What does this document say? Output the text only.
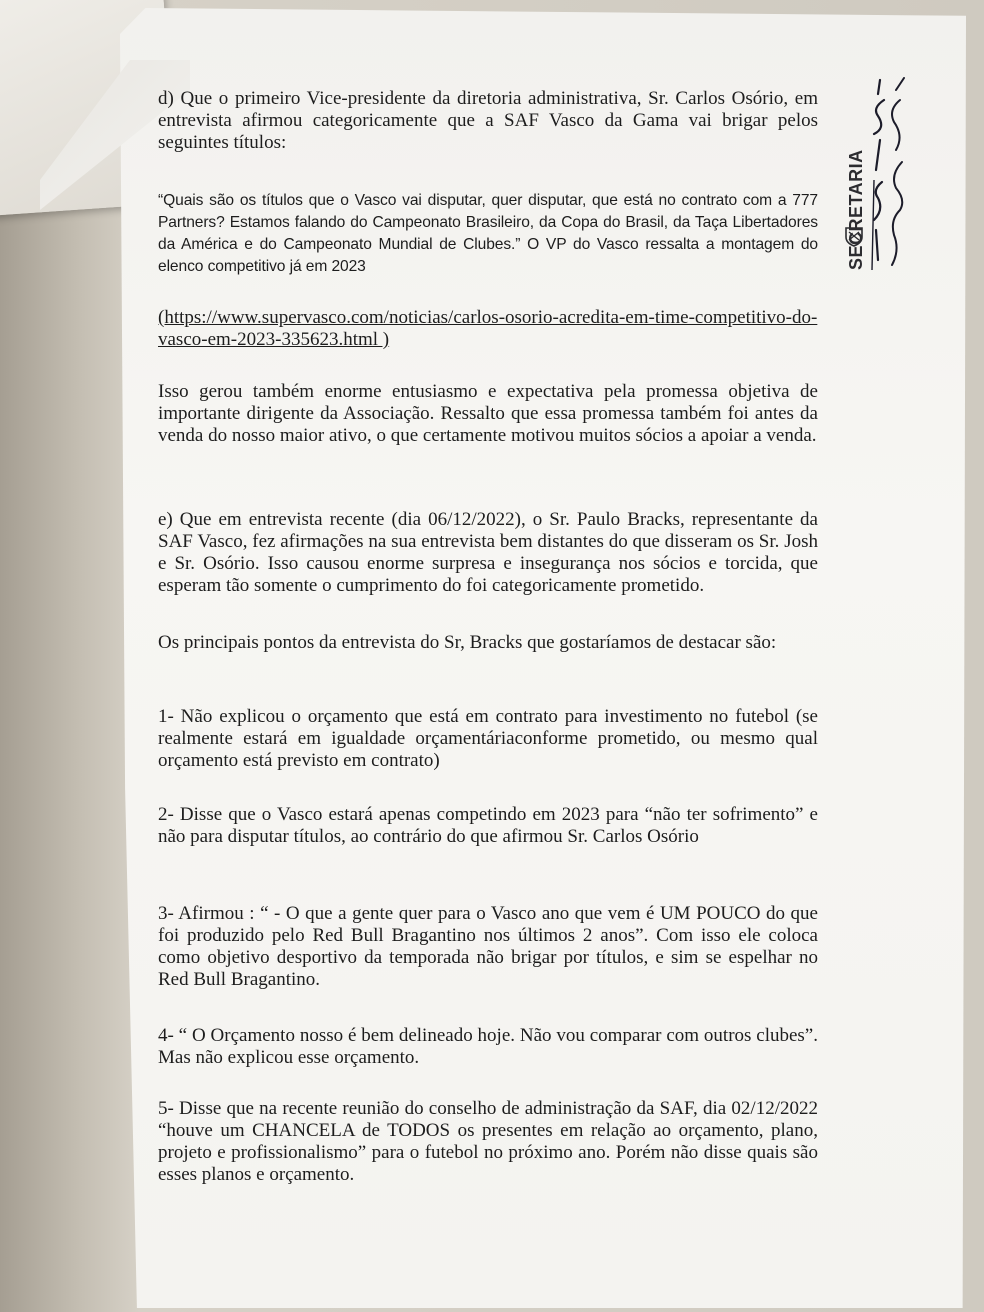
SECRETARIA

d) Que o primeiro Vice-presidente da diretoria administrativa, Sr. Carlos Osório, em entrevista afirmou categoricamente que a SAF Vasco da Gama vai brigar pelos seguintes títulos:

“Quais são os títulos que o Vasco vai disputar, quer disputar, que está no contrato com a 777 Partners? Estamos falando do Campeonato Brasileiro, da Copa do Brasil, da Taça Libertadores da América e do Campeonato Mundial de Clubes.” O VP do Vasco ressalta a montagem do elenco competitivo já em 2023

(https://www.supervasco.com/noticias/carlos-osorio-acredita-em-time-competitivo-do-vasco-em-2023-335623.html )

Isso gerou também enorme entusiasmo e expectativa pela promessa objetiva de importante dirigente da Associação. Ressalto que essa promessa também foi antes da venda do nosso maior ativo, o que certamente motivou muitos sócios a apoiar a venda.

e) Que em entrevista recente (dia 06/12/2022), o Sr. Paulo Bracks, representante da SAF Vasco, fez afirmações na sua entrevista bem distantes do que disseram os Sr. Josh e Sr. Osório. Isso causou enorme surpresa e insegurança nos sócios e torcida, que esperam tão somente o cumprimento do foi categoricamente prometido.

Os principais pontos da entrevista do Sr, Bracks que gostaríamos de destacar são:

1- Não explicou o orçamento que está em contrato para investimento no futebol (se realmente estará em igualdade orçamentáriaconforme prometido, ou mesmo qual orçamento está previsto em contrato)

2- Disse que o Vasco estará apenas competindo em 2023 para “não ter sofrimento” e não para disputar títulos, ao contrário do que afirmou Sr. Carlos Osório

3- Afirmou : “ - O que a gente quer para o Vasco ano que vem é UM POUCO do que foi produzido pelo Red Bull Bragantino nos últimos 2 anos”. Com isso ele coloca como objetivo desportivo da temporada não brigar por títulos, e sim se espelhar no Red Bull Bragantino.

4- “ O Orçamento nosso é bem delineado hoje. Não vou comparar com outros clubes”. Mas não explicou esse orçamento.

5- Disse que na recente reunião do conselho de administração da SAF, dia 02/12/2022 “houve um CHANCELA de TODOS os presentes em relação ao orçamento, plano, projeto e profissionalismo” para o futebol no próximo ano. Porém não disse quais são esses planos e orçamento.
